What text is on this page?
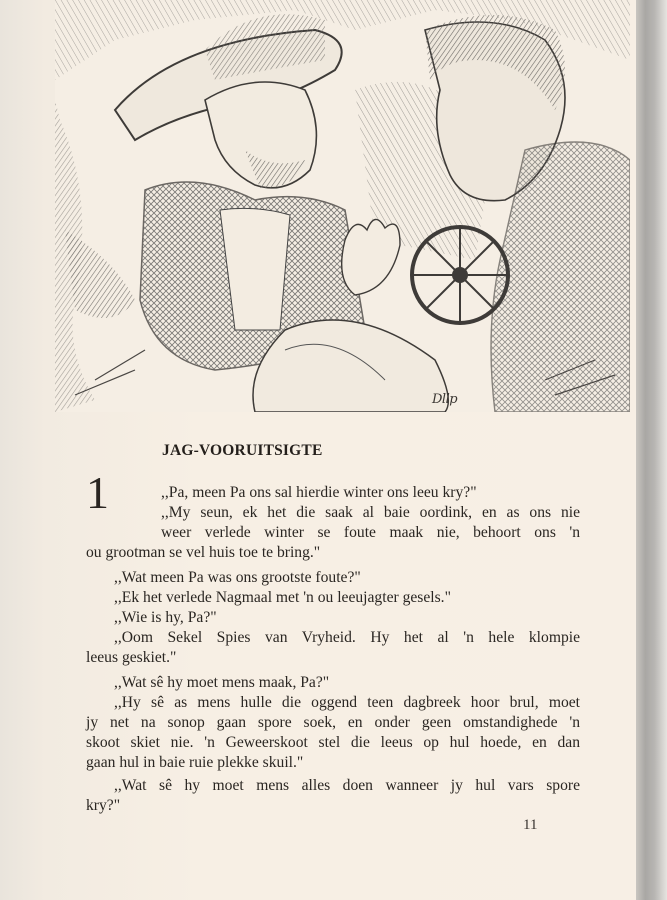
Dllp
JAG-VOORUITSIGTE
1	,,Pa, meen Pa ons sal hierdie winter ons leeu kry?"
,,My seun, ek het die saak al baie oordink, en as ons nie
weer verlede winter se foute maak nie, behoort ons 'n
ou grootman se vel huis toe te bring."
,,Wat meen Pa was ons grootste foute?"
,,Ek het verlede Nagmaal met 'n ou leeujagter gesels."
,,Wie is hy, Pa?"
,,Oom Sekel Spies van Vryheid. Hy het al 'n hele klompie
leeus geskiet."
,,Wat sê hy moet mens maak, Pa?"
,,Hy sê as mens hulle die oggend teen dagbreek hoor brul, moet
jy net na sonop gaan spore soek, en onder geen omstandighede 'n
skoot skiet nie. 'n Geweerskoot stel die leeus op hul hoede, en dan
gaan hul in baie ruie plekke skuil."
,,Wat sê hy moet mens alles doen wanneer jy hul vars spore
kry?"
11
